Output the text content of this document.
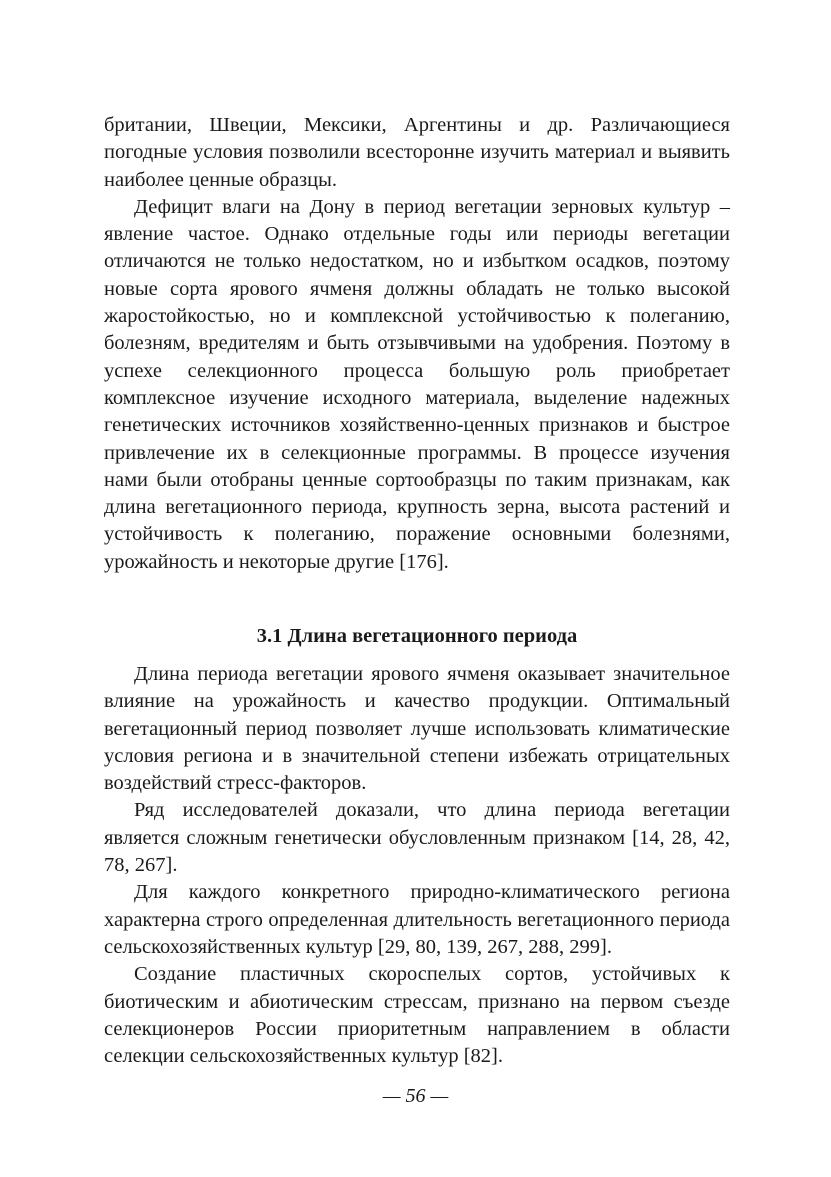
британии, Швеции, Мексики, Аргентины и др. Различающиеся погодные условия позволили всесторонне изучить материал и выявить наиболее ценные образцы.

Дефицит влаги на Дону в период вегетации зерновых культур – явление частое. Однако отдельные годы или периоды вегетации отличаются не только недостатком, но и избытком осадков, поэтому новые сорта ярового ячменя должны обладать не только высокой жаростойкостью, но и комплексной устойчивостью к полеганию, болезням, вредителям и быть отзывчивыми на удобрения. Поэтому в успехе селекционного процесса большую роль приобретает комплексное изучение исходного материала, выделение надежных генетических источников хозяйственно-ценных признаков и быстрое привлечение их в селекционные программы. В процессе изучения нами были отобраны ценные сортообразцы по таким признакам, как длина вегетационного периода, крупность зерна, высота растений и устойчивость к полеганию, поражение основными болезнями, урожайность и некоторые другие [176].

3.1 Длина вегетационного периода

Длина периода вегетации ярового ячменя оказывает значительное влияние на урожайность и качество продукции. Оптимальный вегетационный период позволяет лучше использовать климатические условия региона и в значительной степени избежать отрицательных воздействий стресс-факторов.

Ряд исследователей доказали, что длина периода вегетации является сложным генетически обусловленным признаком [14, 28, 42, 78, 267].

Для каждого конкретного природно-климатического региона характерна строго определенная длительность вегетационного периода сельскохозяйственных культур [29, 80, 139, 267, 288, 299].

Создание пластичных скороспелых сортов, устойчивых к биотическим и абиотическим стрессам, признано на первом съезде селекционеров России приоритетным направлением в области селекции сельскохозяйственных культур [82].

— 56 —
